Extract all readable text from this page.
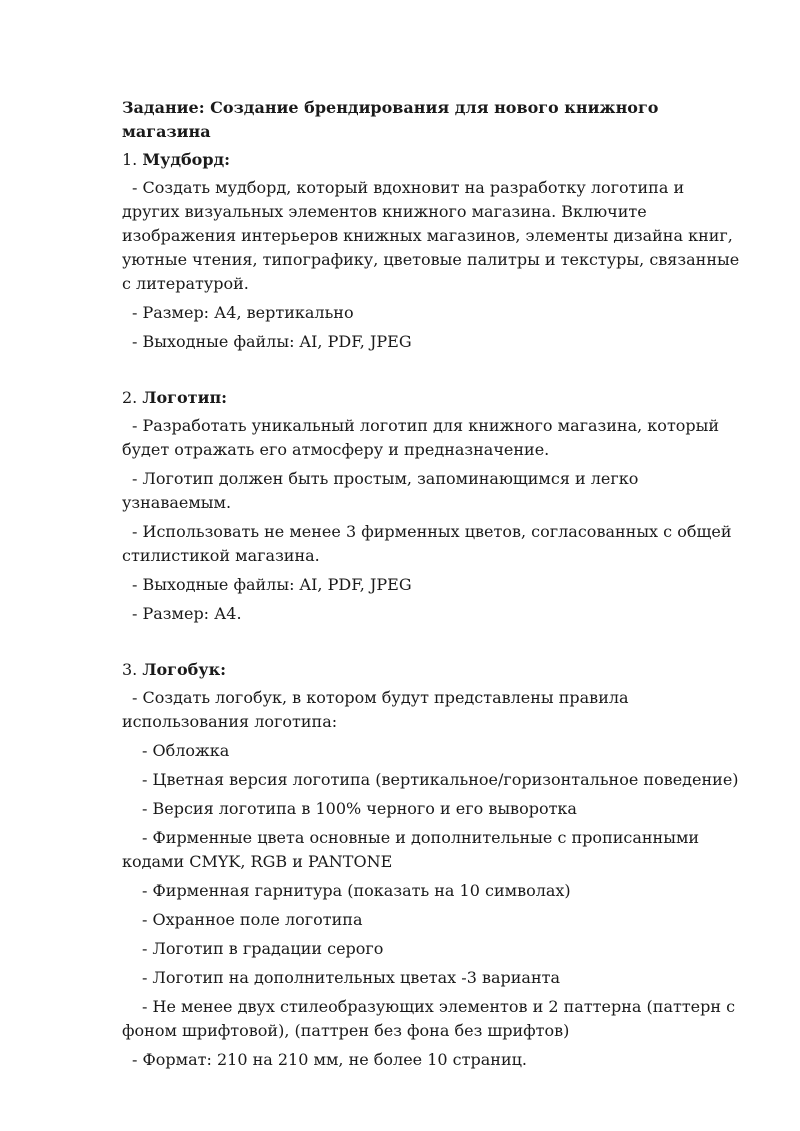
Задание: Создание брендирования для нового книжного магазина
1. Мудборд:
- Создать мудборд, который вдохновит на разработку логотипа и других визуальных элементов книжного магазина. Включите изображения интерьеров книжных магазинов, элементы дизайна книг, уютные чтения, типографику, цветовые палитры и текстуры, связанные с литературой.
- Размер: А4, вертикально
- Выходные файлы: AI, PDF, JPEG
2. Логотип:
- Разработать уникальный логотип для книжного магазина, который будет отражать его атмосферу и предназначение.
- Логотип должен быть простым, запоминающимся и легко узнаваемым.
- Использовать не менее 3 фирменных цветов, согласованных с общей стилистикой магазина.
- Выходные файлы: AI, PDF, JPEG
- Размер: А4.
3. Логобук:
- Создать логобук, в котором будут представлены правила использования логотипа:
- Обложка
- Цветная версия логотипа (вертикальное/горизонтальное поведение)
- Версия логотипа в 100% черного и его выворотка
- Фирменные цвета основные и дополнительные с прописанными кодами CMYK, RGB и PANTONE
- Фирменная гарнитура (показать на 10 символах)
- Охранное поле логотипа
- Логотип в градации серого
- Логотип на дополнительных цветах -3 варианта
- Не менее двух стилеобразующих элементов и 2 паттерна (паттерн с фоном шрифтовой), (паттрен без фона без шрифтов)
- Формат: 210 на 210 мм, не более 10 страниц.
